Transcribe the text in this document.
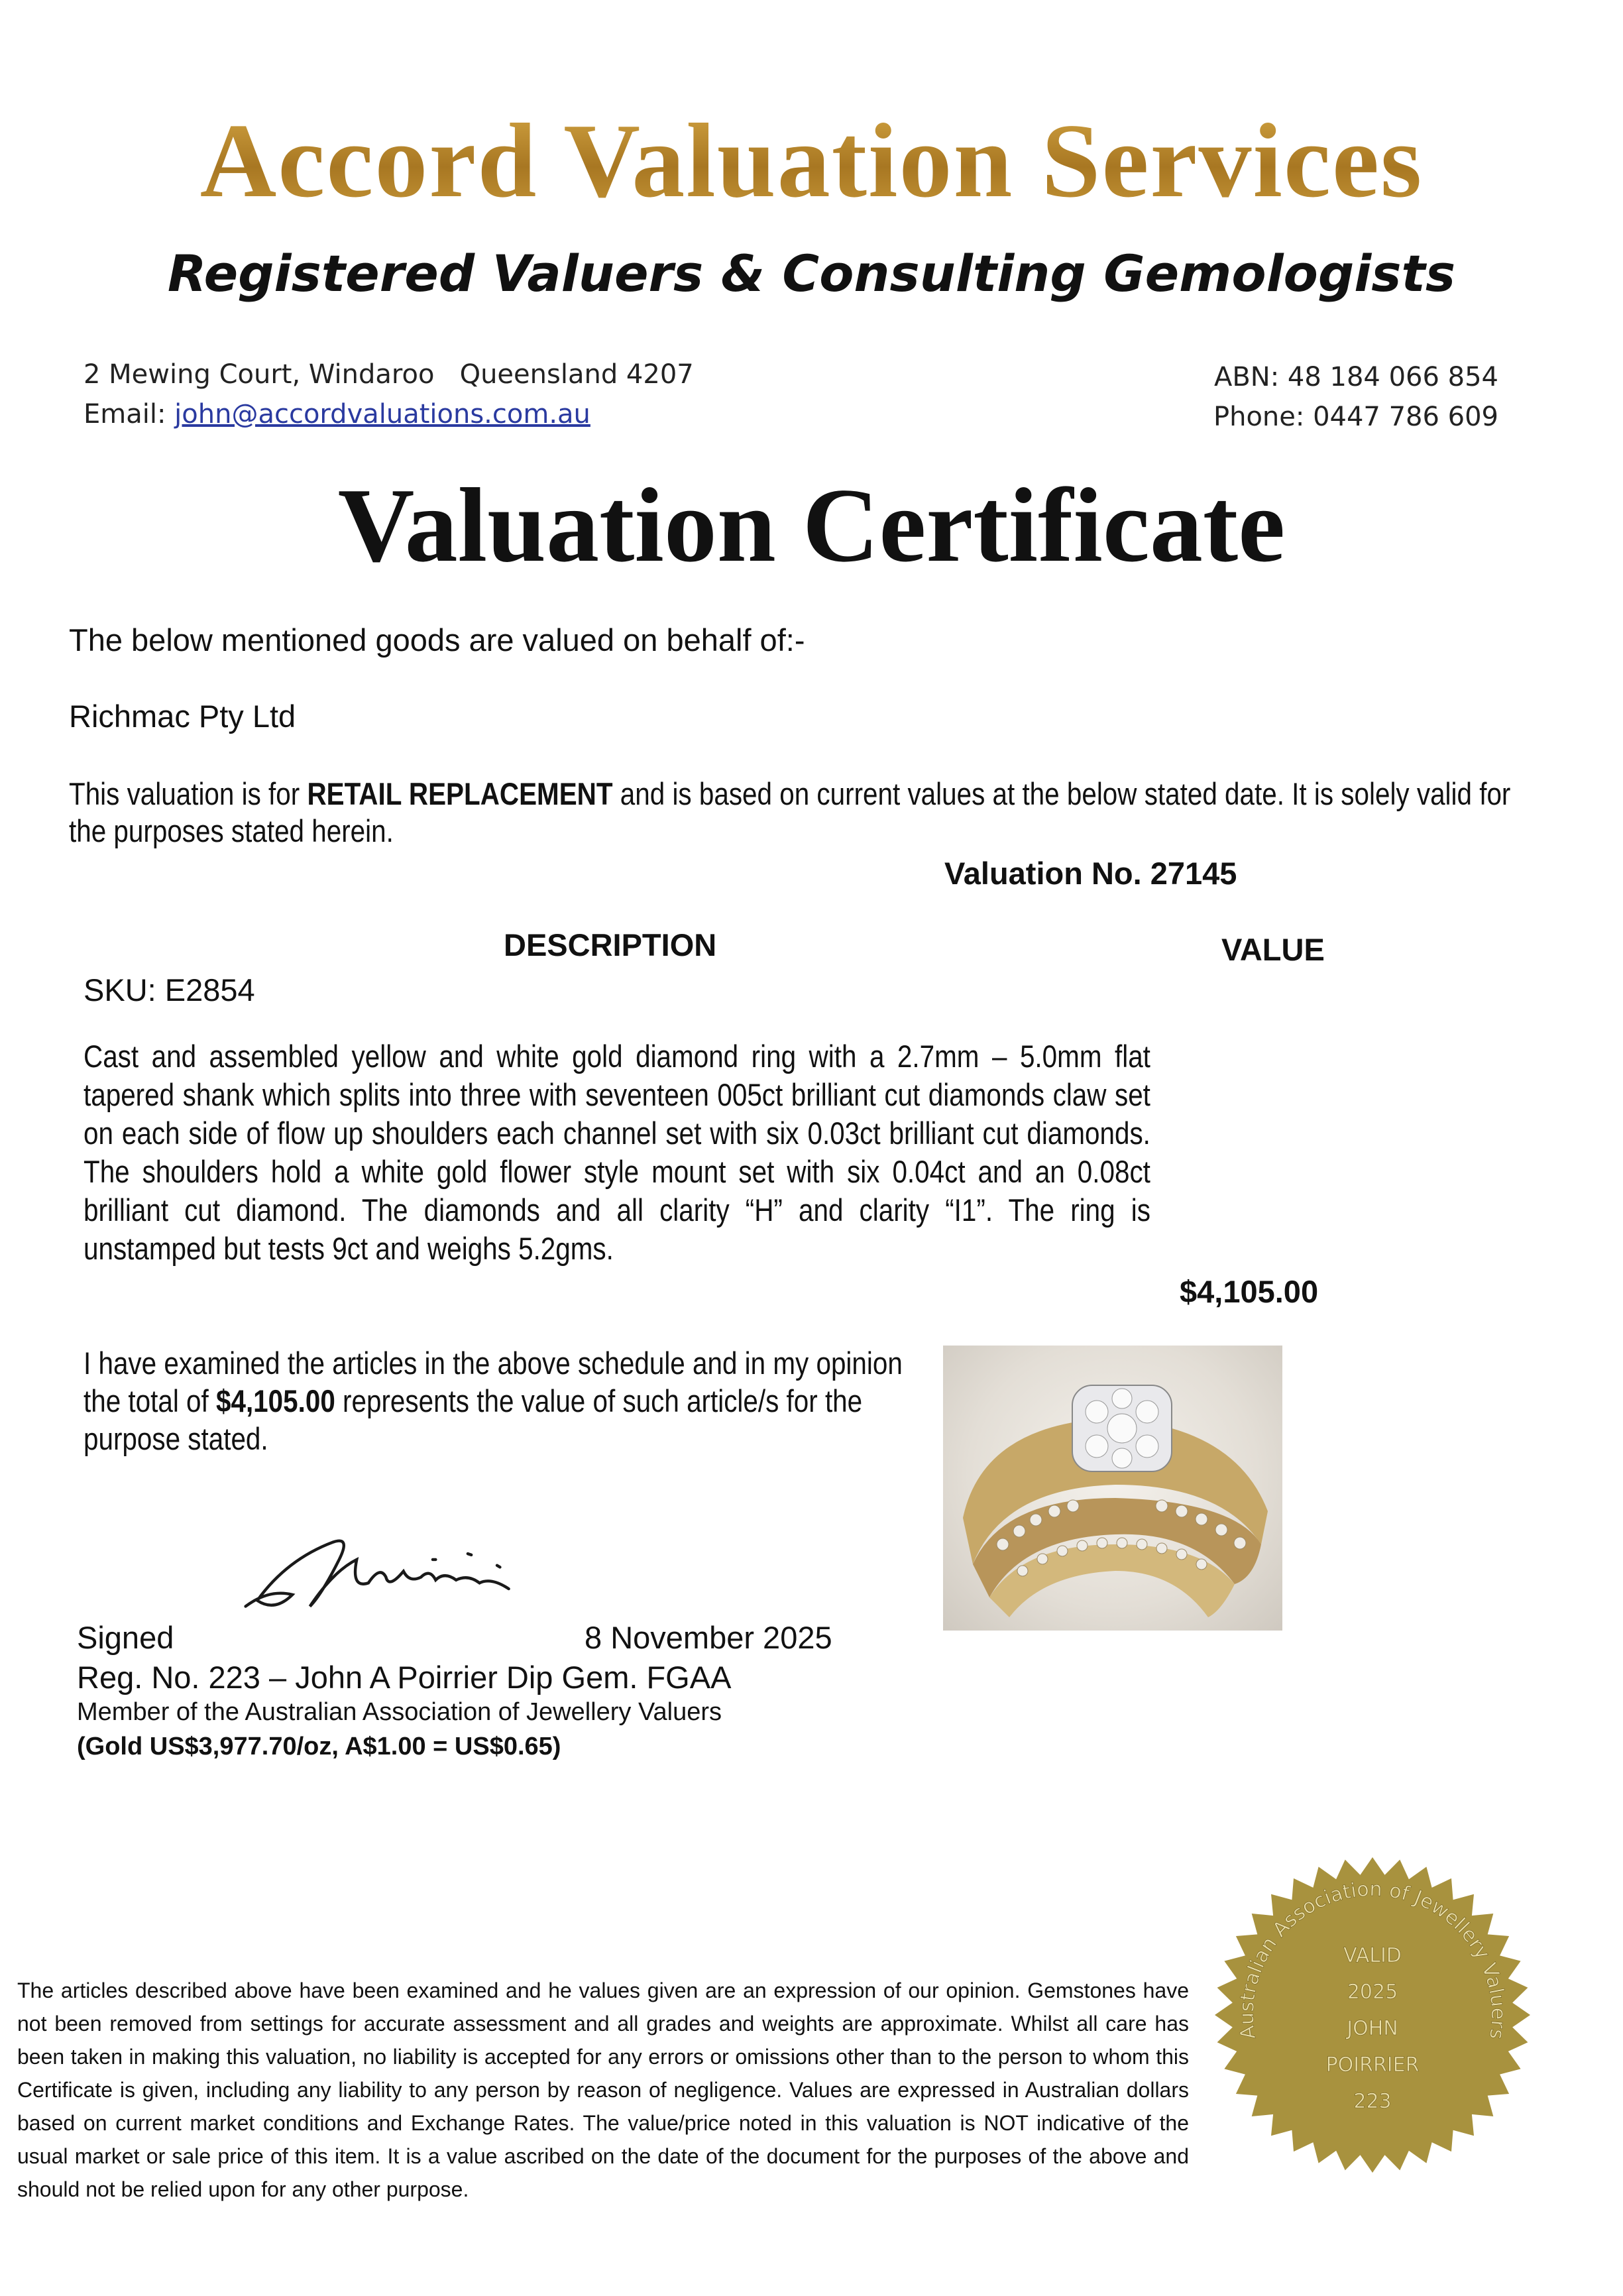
Accord Valuation Services
Registered Valuers & Consulting Gemologists
2 Mewing Court, Windaroo Queensland 4207
Email: john@accordvaluations.com.au
ABN: 48 184 066 854
Phone: 0447 786 609
Valuation Certificate
The below mentioned goods are valued on behalf of:-
Richmac Pty Ltd
This valuation is for RETAIL REPLACEMENT and is based on current values at the below stated date. It is solely valid for the purposes stated herein.
Valuation No. 27145
DESCRIPTION	VALUE
SKU: E2854
Cast and assembled yellow and white gold diamond ring with a 2.7mm – 5.0mm flat tapered shank which splits into three with seventeen 005ct brilliant cut diamonds claw set on each side of flow up shoulders each channel set with six 0.03ct brilliant cut diamonds. The shoulders hold a white gold flower style mount set with six 0.04ct and an 0.08ct brilliant cut diamond. The diamonds and all clarity “H” and clarity “I1”. The ring is unstamped but tests 9ct and weighs 5.2gms.
$4,105.00
I have examined the articles in the above schedule and in my opinion the total of $4,105.00 represents the value of such article/s for the purpose stated.
Signed	8 November 2025
Reg. No. 223 – John A Poirrier Dip Gem. FGAA
Member of the Australian Association of Jewellery Valuers
(Gold US$3,977.70/oz, A$1.00 = US$0.65)
The articles described above have been examined and he values given are an expression of our opinion. Gemstones have not been removed from settings for accurate assessment and all grades and weights are approximate. Whilst all care has been taken in making this valuation, no liability is accepted for any errors or omissions other than to the person to whom this Certificate is given, including any liability to any person by reason of negligence. Values are expressed in Australian dollars based on current market conditions and Exchange Rates. The value/price noted in this valuation is NOT indicative of the usual market or sale price of this item. It is a value ascribed on the date of the document for the purposes of the above and should not be relied upon for any other purpose.
Australian Association of Jewellery Valuers
VALID
2025
JOHN
POIRRIER
223
